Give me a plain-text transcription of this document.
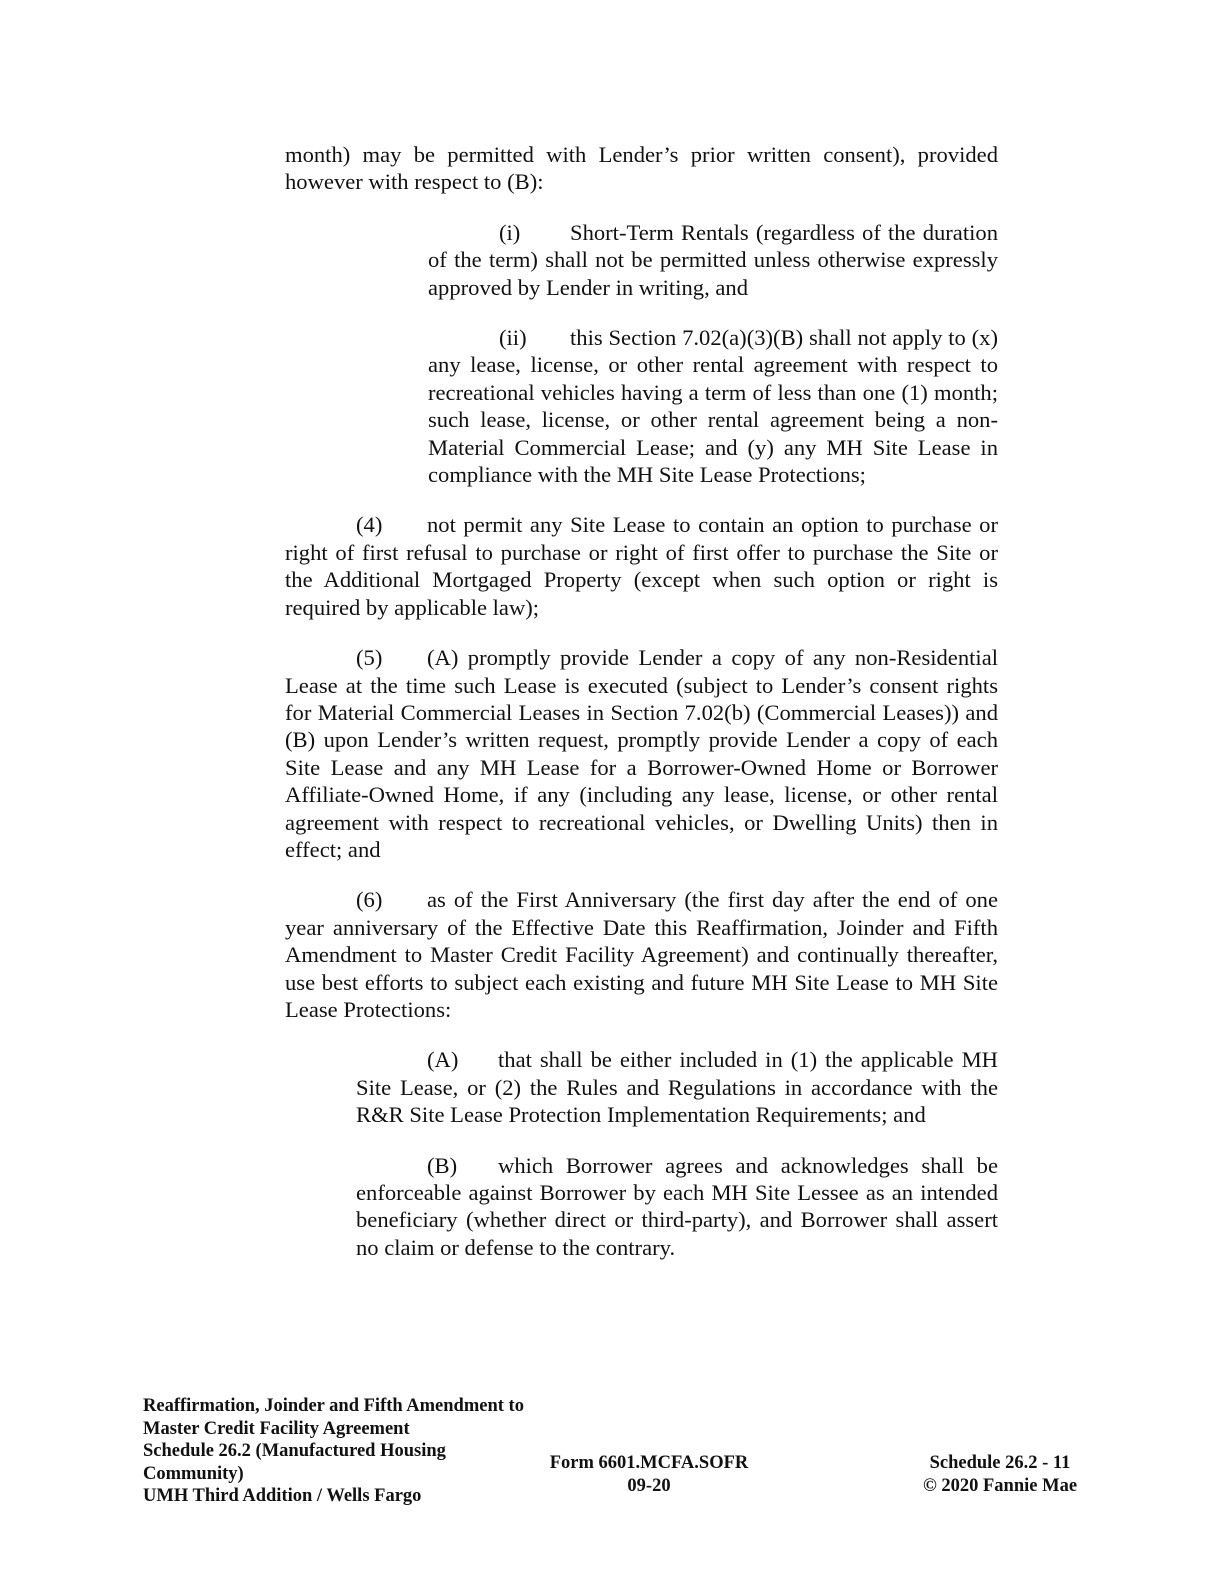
month) may be permitted with Lender’s prior written consent), provided however with respect to (B):

(i) Short-Term Rentals (regardless of the duration of the term) shall not be permitted unless otherwise expressly approved by Lender in writing, and

(ii) this Section 7.02(a)(3)(B) shall not apply to (x) any lease, license, or other rental agreement with respect to recreational vehicles having a term of less than one (1) month; such lease, license, or other rental agreement being a non-Material Commercial Lease; and (y) any MH Site Lease in compliance with the MH Site Lease Protections;

(4) not permit any Site Lease to contain an option to purchase or right of first refusal to purchase or right of first offer to purchase the Site or the Additional Mortgaged Property (except when such option or right is required by applicable law);

(5) (A) promptly provide Lender a copy of any non-Residential Lease at the time such Lease is executed (subject to Lender’s consent rights for Material Commercial Leases in Section 7.02(b) (Commercial Leases)) and (B) upon Lender’s written request, promptly provide Lender a copy of each Site Lease and any MH Lease for a Borrower-Owned Home or Borrower Affiliate-Owned Home, if any (including any lease, license, or other rental agreement with respect to recreational vehicles, or Dwelling Units) then in effect; and

(6) as of the First Anniversary (the first day after the end of one year anniversary of the Effective Date this Reaffirmation, Joinder and Fifth Amendment to Master Credit Facility Agreement) and continually thereafter, use best efforts to subject each existing and future MH Site Lease to MH Site Lease Protections:

(A) that shall be either included in (1) the applicable MH Site Lease, or (2) the Rules and Regulations in accordance with the R&R Site Lease Protection Implementation Requirements; and

(B) which Borrower agrees and acknowledges shall be enforceable against Borrower by each MH Site Lessee as an intended beneficiary (whether direct or third-party), and Borrower shall assert no claim or defense to the contrary.

Reaffirmation, Joinder and Fifth Amendment to
Master Credit Facility Agreement
Schedule 26.2 (Manufactured Housing
Community)
UMH Third Addition / Wells Fargo
Form 6601.MCFA.SOFR
09-20
Schedule 26.2 - 11
© 2020 Fannie Mae
